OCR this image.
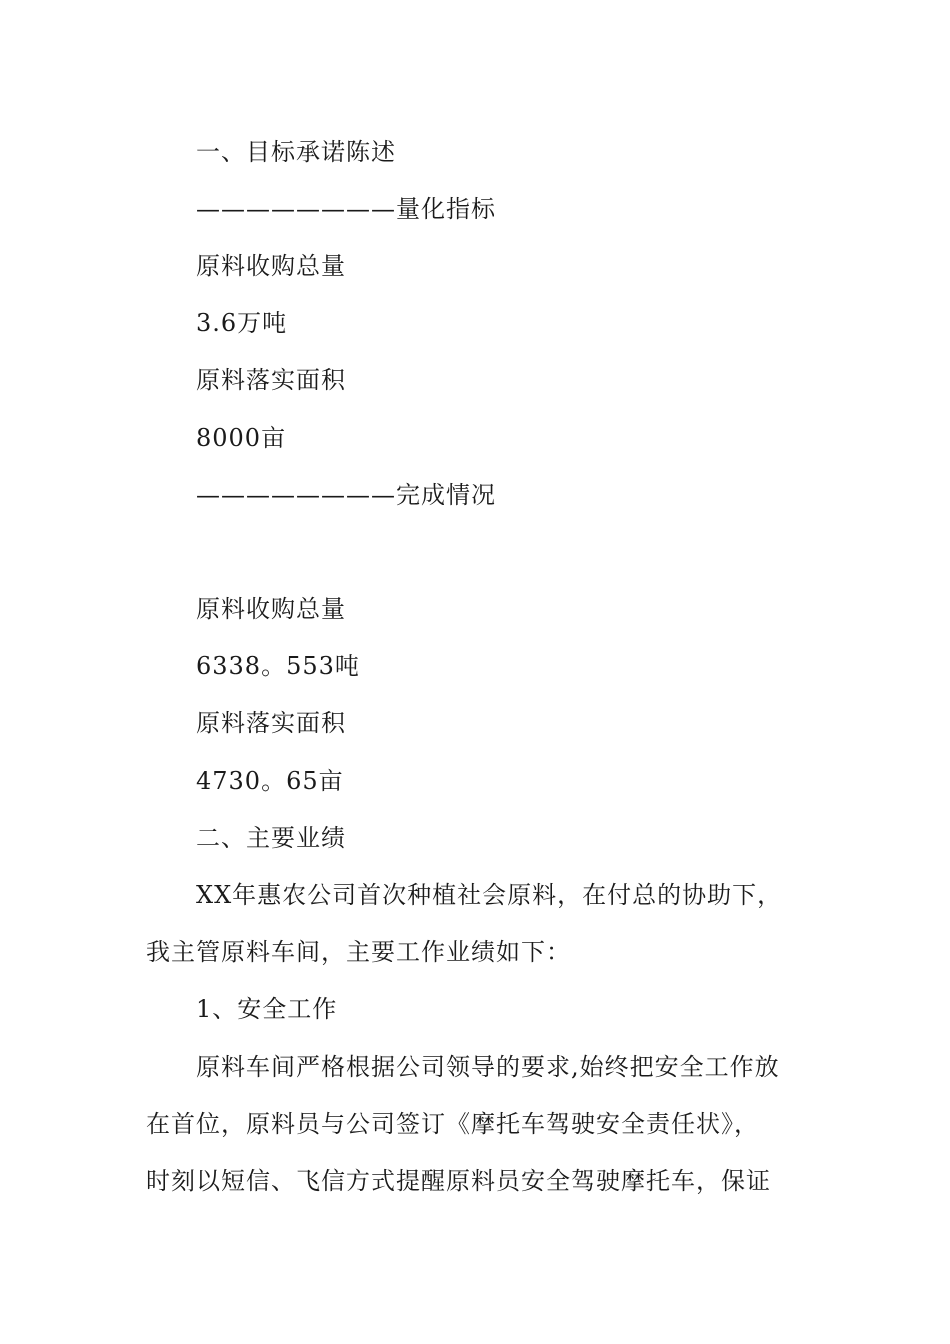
一、目标承诺陈述
————————量化指标
原料收购总量
3.6万吨
原料落实面积
8000亩
————————完成情况
原料收购总量
6338。553吨
原料落实面积
4730。65亩
二、主要业绩
XX年惠农公司首次种植社会原料，在付总的协助下，
我主管原料车间，主要工作业绩如下：
1、安全工作
原料车间严格根据公司领导的要求,始终把安全工作放
在首位，原料员与公司签订《摩托车驾驶安全责任状》，
时刻以短信、飞信方式提醒原料员安全驾驶摩托车，保证
